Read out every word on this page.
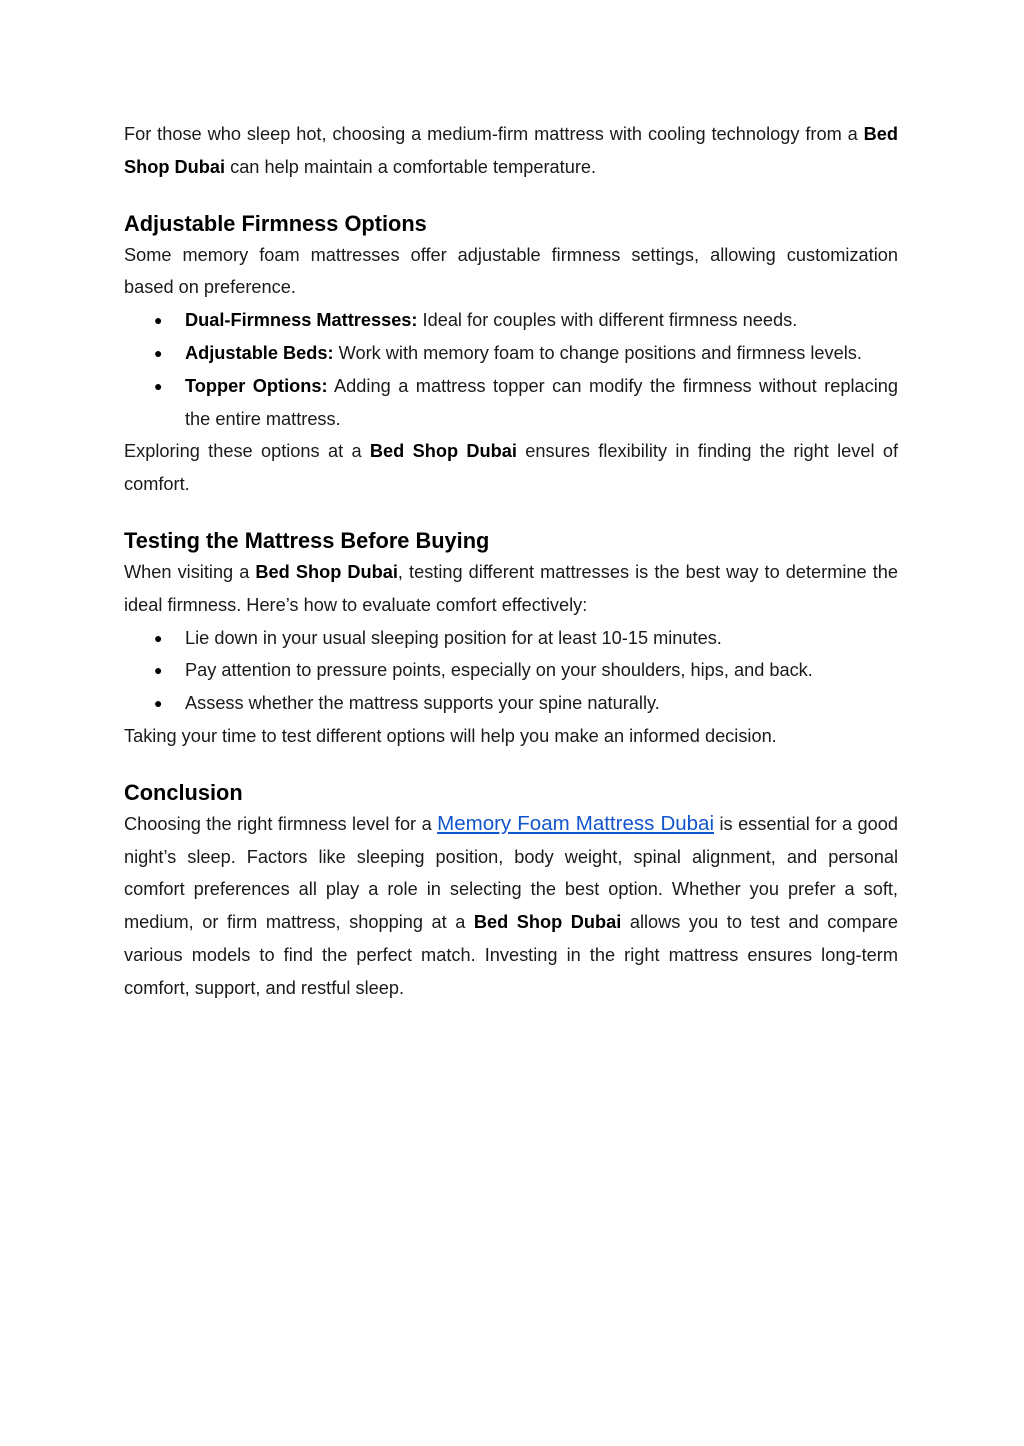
For those who sleep hot, choosing a medium-firm mattress with cooling technology from a Bed Shop Dubai can help maintain a comfortable temperature.

Adjustable Firmness Options

Some memory foam mattresses offer adjustable firmness settings, allowing customization based on preference.

● Dual-Firmness Mattresses: Ideal for couples with different firmness needs.
● Adjustable Beds: Work with memory foam to change positions and firmness levels.
● Topper Options: Adding a mattress topper can modify the firmness without replacing the entire mattress.

Exploring these options at a Bed Shop Dubai ensures flexibility in finding the right level of comfort.

Testing the Mattress Before Buying

When visiting a Bed Shop Dubai, testing different mattresses is the best way to determine the ideal firmness. Here’s how to evaluate comfort effectively:

● Lie down in your usual sleeping position for at least 10-15 minutes.
● Pay attention to pressure points, especially on your shoulders, hips, and back.
● Assess whether the mattress supports your spine naturally.

Taking your time to test different options will help you make an informed decision.

Conclusion

Choosing the right firmness level for a Memory Foam Mattress Dubai is essential for a good night’s sleep. Factors like sleeping position, body weight, spinal alignment, and personal comfort preferences all play a role in selecting the best option. Whether you prefer a soft, medium, or firm mattress, shopping at a Bed Shop Dubai allows you to test and compare various models to find the perfect match. Investing in the right mattress ensures long-term comfort, support, and restful sleep.
